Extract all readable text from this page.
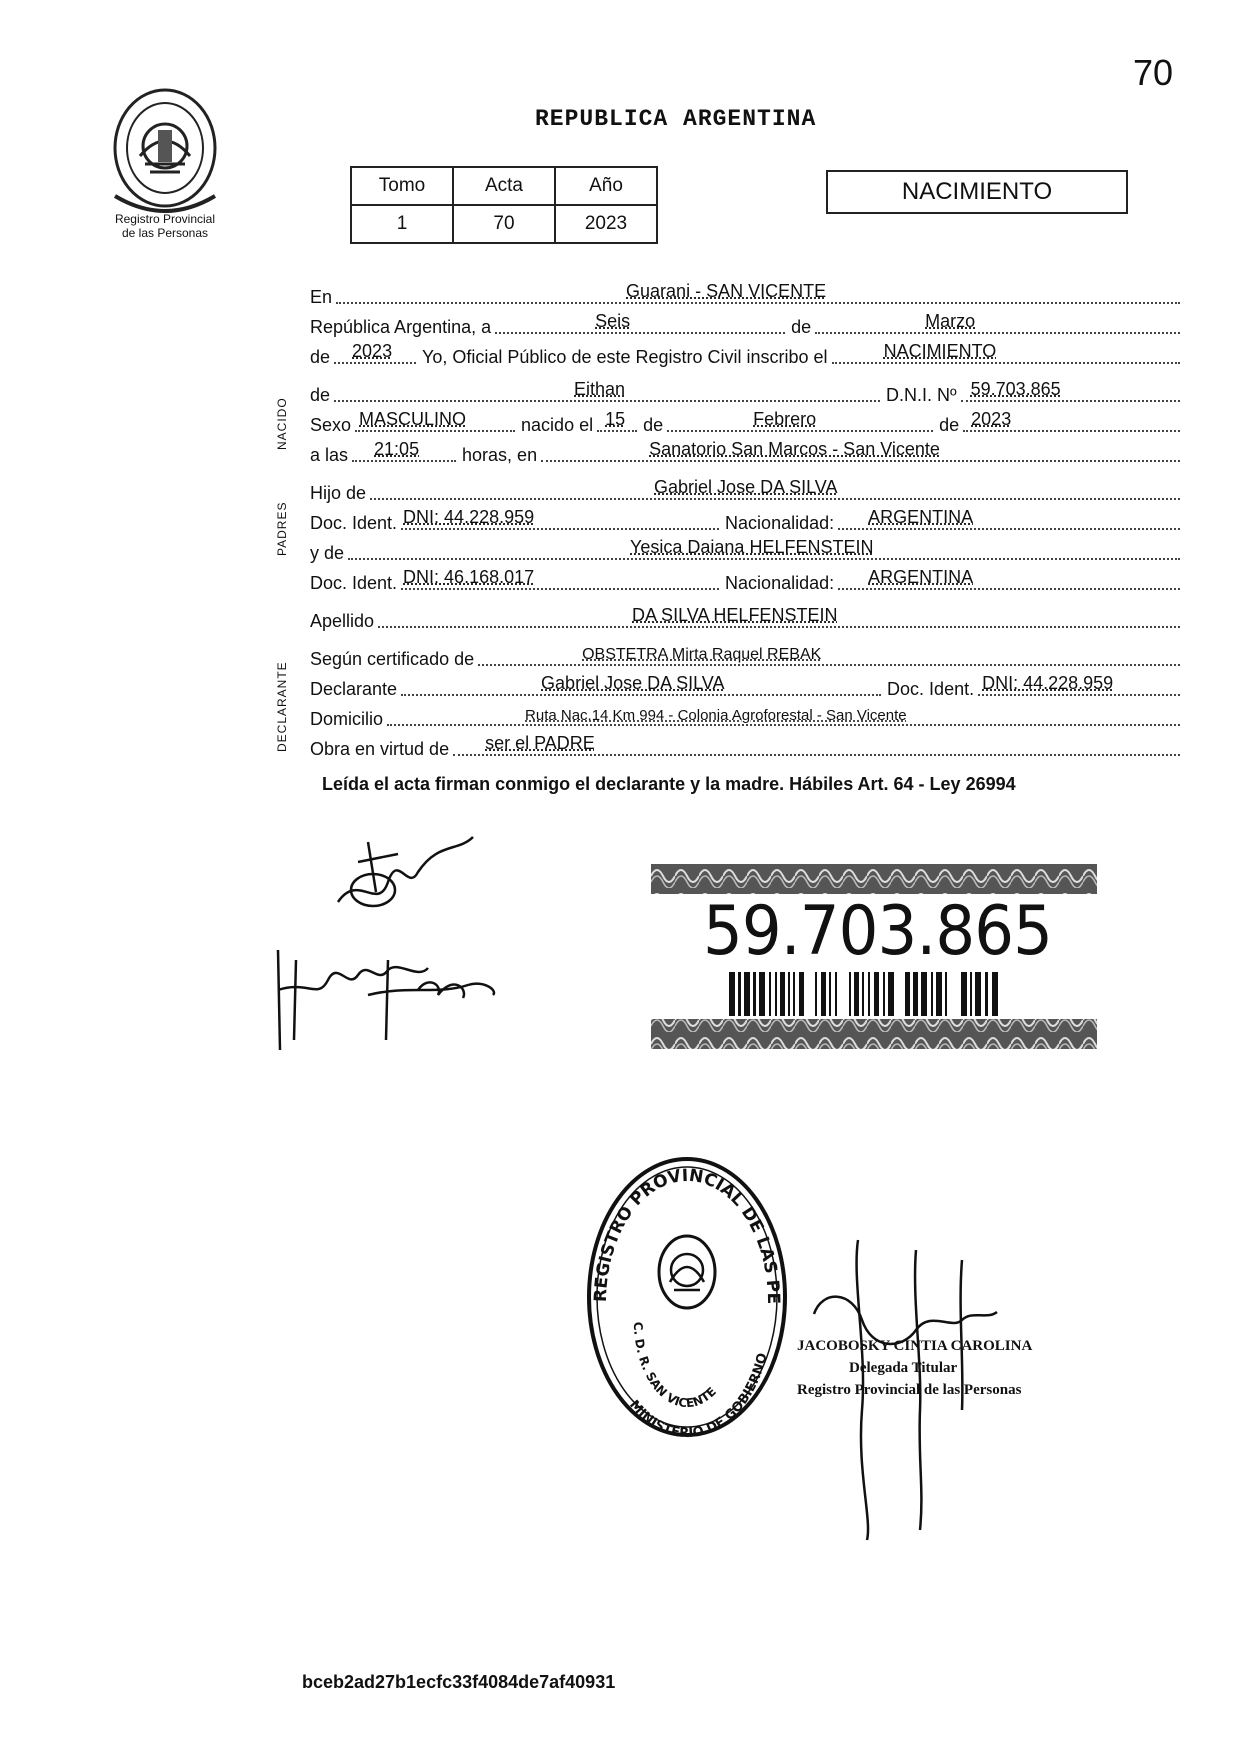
70
Registro Provincial
de las Personas
REPUBLICA ARGENTINA
Tomo	Acta	Año
1	70	2023
NACIMIENTO
NACIDO
PADRES
DECLARANTE
En	Guarani - SAN VICENTE
República Argentina, a	Seis	de	Marzo
de 2023	Yo, Oficial Público de este Registro Civil inscribo el	NACIMIENTO
de	Eithan	D.N.I. Nº 59.703.865
Sexo MASCULINO	nacido el 15 de	Febrero	de 2023
a las 21:05	horas, en	Sanatorio San Marcos - San Vicente
Hijo de	Gabriel Jose DA SILVA
Doc. Ident. DNI: 44.228.959	Nacionalidad: ARGENTINA
y de	Yesica Daiana HELFENSTEIN
Doc. Ident. DNI: 46.168.017	Nacionalidad: ARGENTINA
Apellido	DA SILVA HELFENSTEIN
Según certificado de	OBSTETRA Mirta Raquel REBAK
Declarante	Gabriel Jose DA SILVA	Doc. Ident. DNI: 44.228.959
Domicilio	Ruta Nac.14 Km 994 - Colonia Agroforestal - San Vicente
Obra en virtud de ser el PADRE
Leída el acta firman conmigo el declarante y la madre. Hábiles Art. 64 - Ley 26994
59.703.865
REGISTRO PROVINCIAL DE LAS PE
C. D. R. SAN VICENTE
MINISTERIO DE GOBIERNO
JACOBOSKY CINTIA CAROLINA
Delegada Titular
Registro Provincial de las Personas
bceb2ad27b1ecfc33f4084de7af40931
